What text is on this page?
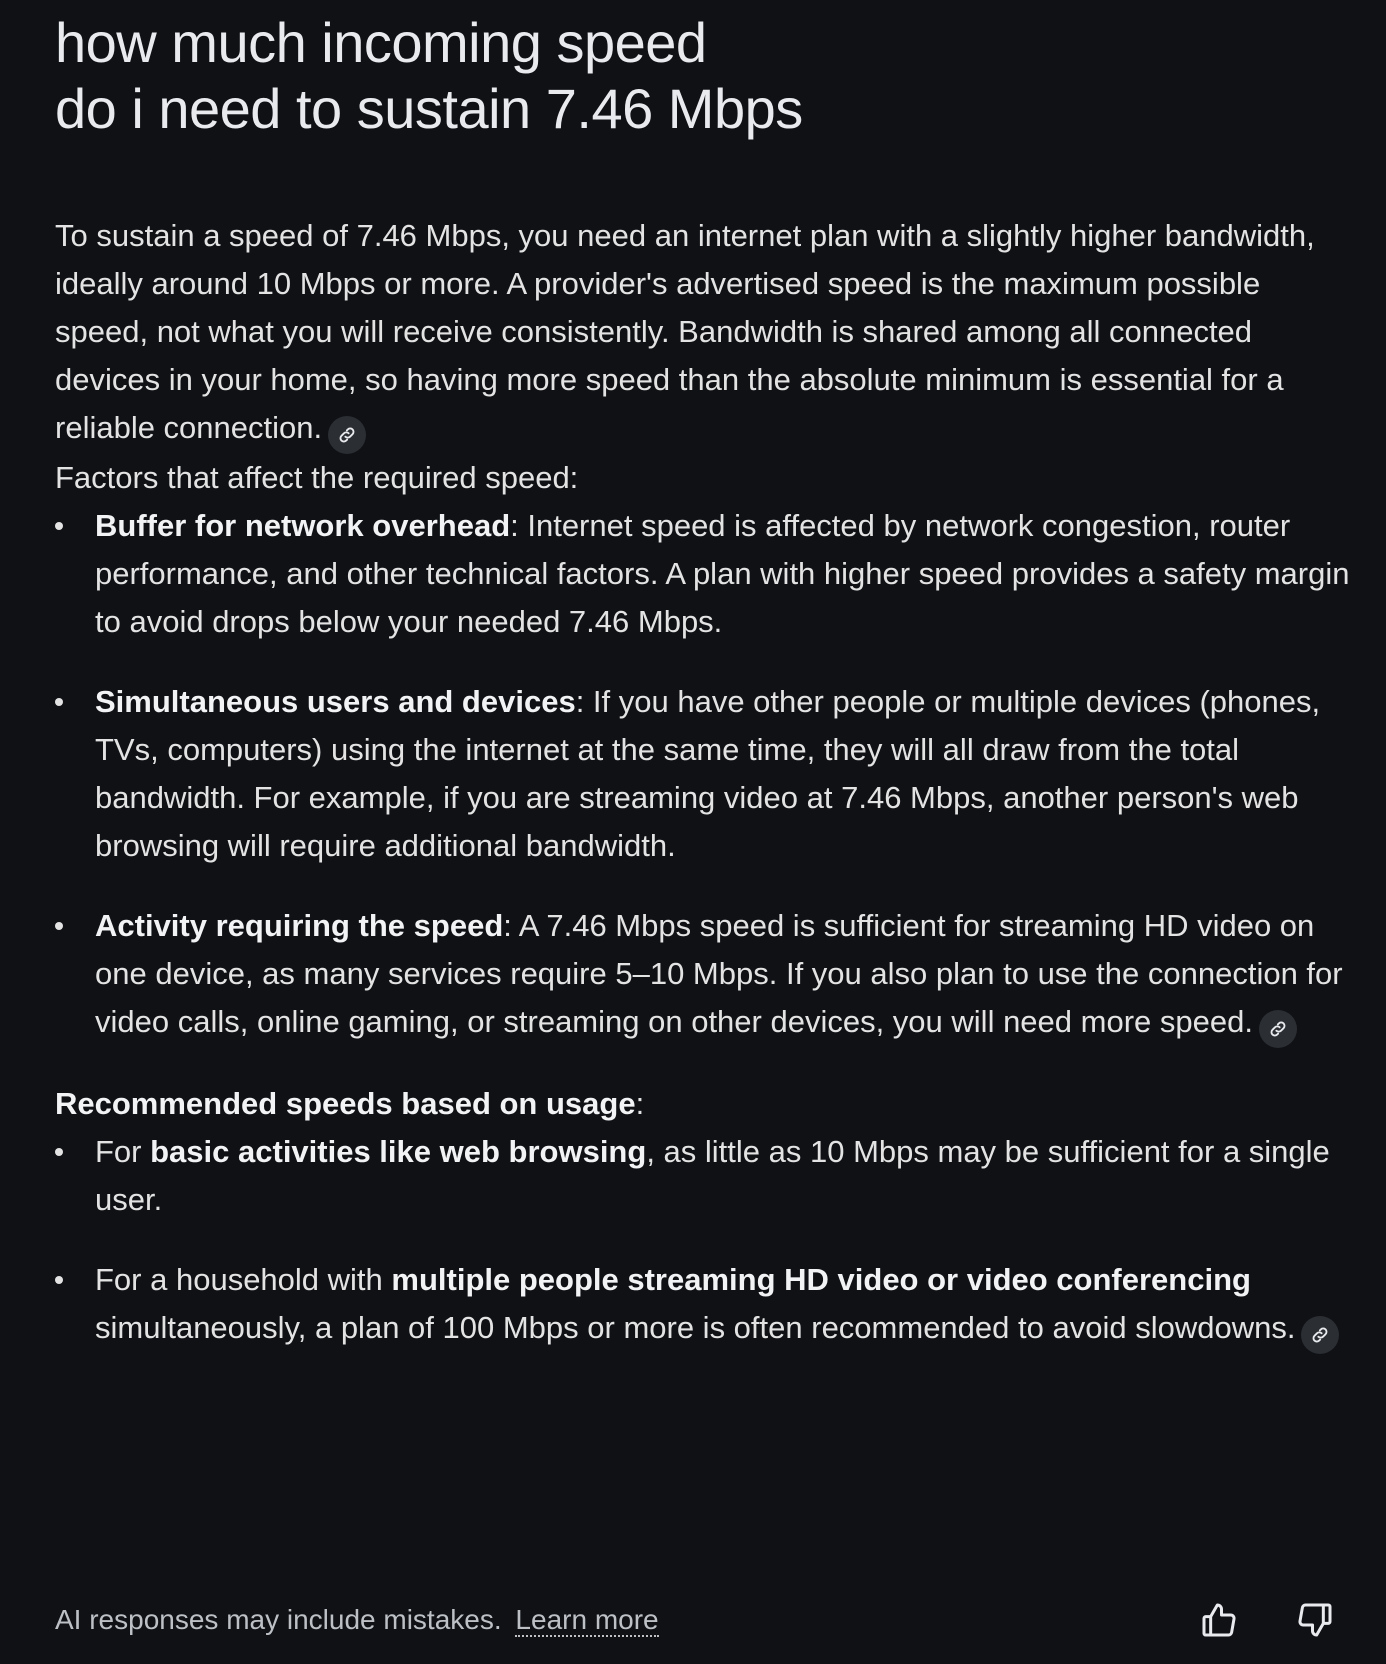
how much incoming speed
do i need to sustain 7.46 Mbps

To sustain a speed of 7.46 Mbps, you need an internet plan with a slightly higher bandwidth, ideally around 10 Mbps or more. A provider's advertised speed is the maximum possible speed, not what you will receive consistently. Bandwidth is shared among all connected devices in your home, so having more speed than the absolute minimum is essential for a reliable connection.

Factors that affect the required speed:

Buffer for network overhead: Internet speed is affected by network congestion, router performance, and other technical factors. A plan with higher speed provides a safety margin to avoid drops below your needed 7.46 Mbps.
Simultaneous users and devices: If you have other people or multiple devices (phones, TVs, computers) using the internet at the same time, they will all draw from the total bandwidth. For example, if you are streaming video at 7.46 Mbps, another person's web browsing will require additional bandwidth.
Activity requiring the speed: A 7.46 Mbps speed is sufficient for streaming HD video on one device, as many services require 5–10 Mbps. If you also plan to use the connection for video calls, online gaming, or streaming on other devices, you will need more speed.

Recommended speeds based on usage:

For basic activities like web browsing, as little as 10 Mbps may be sufficient for a single user.
For a household with multiple people streaming HD video or video conferencing simultaneously, a plan of 100 Mbps or more is often recommended to avoid slowdowns.
AI responses may include mistakes. Learn more
